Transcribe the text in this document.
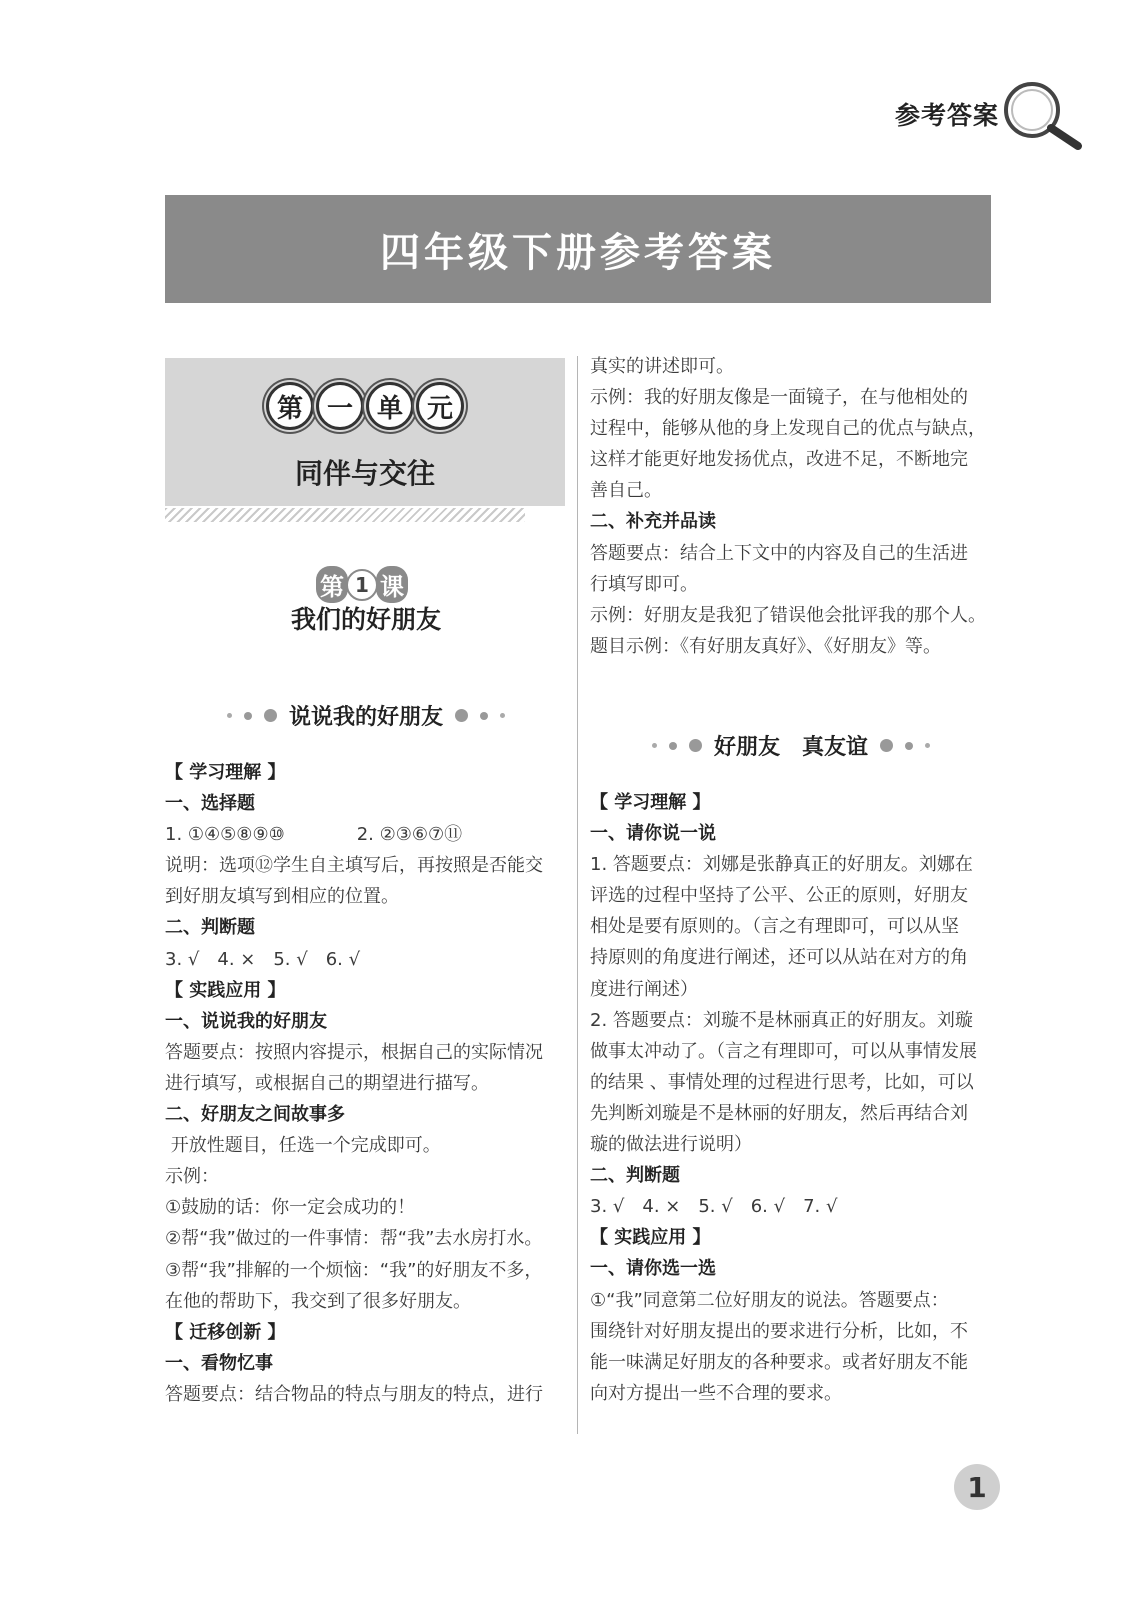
参考答案
四年级下册参考答案
第 一 单 元
同伴与交往
第 1 课
我们的好朋友
说说我的好朋友
好朋友　真友谊
真实的讲述即可。
示例：我的好朋友像是一面镜子，在与他相处的
过程中，能够从他的身上发现自己的优点与缺点，
这样才能更好地发扬优点，改进不足，不断地完
善自己。
二、补充并品读
答题要点：结合上下文中的内容及自己的生活进
行填写即可。
示例：好朋友是我犯了错误他会批评我的那个人。
题目示例：《有好朋友真好》、《好朋友》等。
【 学习理解 】
一、选择题
1. ①④⑤⑧⑨⑩　　　　2. ②③⑥⑦⑪
说明：选项⑫学生自主填写后，再按照是否能交
到好朋友填写到相应的位置。
二、判断题
3. √　4. ×　5. √　6. √
【 实践应用 】
一、说说我的好朋友
答题要点：按照内容提示，根据自己的实际情况
进行填写，或根据自己的期望进行描写。
二、好朋友之间故事多
开放性题目，任选一个完成即可。
示例：
①鼓励的话：你一定会成功的！
②帮“我”做过的一件事情：帮“我”去水房打水。
③帮“我”排解的一个烦恼：“我”的好朋友不多，
在他的帮助下，我交到了很多好朋友。
【 迁移创新 】
一、看物忆事
答题要点：结合物品的特点与朋友的特点，进行
【 学习理解 】
一、请你说一说
1. 答题要点：刘娜是张静真正的好朋友。刘娜在
评选的过程中坚持了公平、公正的原则，好朋友
相处是要有原则的。（言之有理即可，可以从坚
持原则的角度进行阐述，还可以从站在对方的角
度进行阐述）
2. 答题要点：刘璇不是林丽真正的好朋友。刘璇
做事太冲动了。（言之有理即可，可以从事情发展
的结果 、事情处理的过程进行思考，比如，可以
先判断刘璇是不是林丽的好朋友，然后再结合刘
璇的做法进行说明）
二、判断题
3. √　4. ×　5. √　6. √　7. √
【 实践应用 】
一、请你选一选
①“我”同意第二位好朋友的说法。答题要点：
围绕针对好朋友提出的要求进行分析，比如，不
能一味满足好朋友的各种要求。或者好朋友不能
向对方提出一些不合理的要求。
1
